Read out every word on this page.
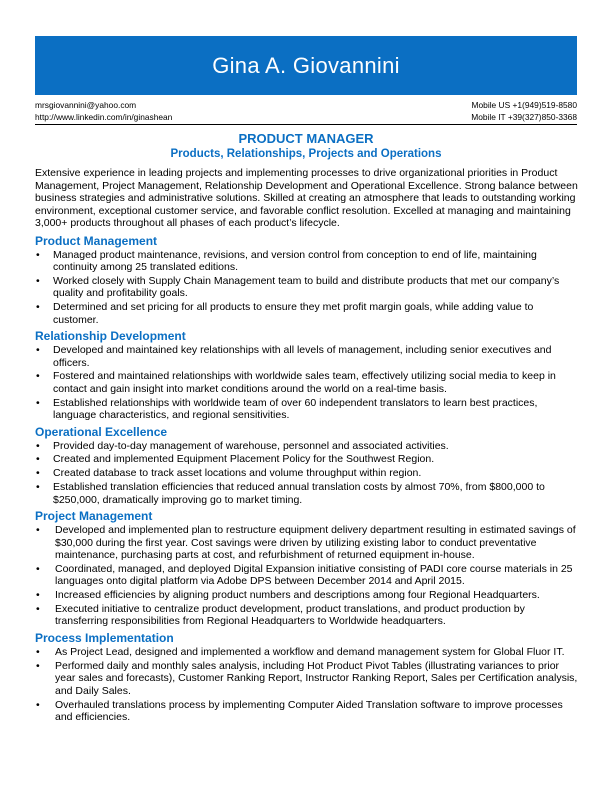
Gina A. Giovannini
mrsgiovannini@yahoo.com
http://www.linkedin.com/in/ginashean
Mobile US +1(949)519-8580
Mobile IT +39(327)850-3368
PRODUCT MANAGER
Products, Relationships, Projects and Operations

Extensive experience in leading projects and implementing processes to drive organizational priorities in Product Management, Project Management, Relationship Development and Operational Excellence. Strong balance between business strategies and administrative solutions. Skilled at creating an atmosphere that leads to outstanding working environment, exceptional customer service, and favorable conflict resolution. Excelled at managing and maintaining 3,000+ products throughout all phases of each product’s lifecycle.

Product Management
• Managed product maintenance, revisions, and version control from conception to end of life, maintaining continuity among 25 translated editions.
• Worked closely with Supply Chain Management team to build and distribute products that met our company’s quality and profitability goals.
• Determined and set pricing for all products to ensure they met profit margin goals, while adding value to customer.
Relationship Development
• Developed and maintained key relationships with all levels of management, including senior executives and officers.
• Fostered and maintained relationships with worldwide sales team, effectively utilizing social media to keep in contact and gain insight into market conditions around the world on a real-time basis.
• Established relationships with worldwide team of over 60 independent translators to learn best practices, language characteristics, and regional sensitivities.
Operational Excellence
• Provided day-to-day management of warehouse, personnel and associated activities.
• Created and implemented Equipment Placement Policy for the Southwest Region.
• Created database to track asset locations and volume throughput within region.
• Established translation efficiencies that reduced annual translation costs by almost 70%, from $800,000 to $250,000, dramatically improving go to market timing.
Project Management
• Developed and implemented plan to restructure equipment delivery department resulting in estimated savings of $30,000 during the first year. Cost savings were driven by utilizing existing labor to conduct preventative maintenance, purchasing parts at cost, and refurbishment of returned equipment in-house.
• Coordinated, managed, and deployed Digital Expansion initiative consisting of PADI core course materials in 25 languages onto digital platform via Adobe DPS between December 2014 and April 2015.
• Increased efficiencies by aligning product numbers and descriptions among four Regional Headquarters.
• Executed initiative to centralize product development, product translations, and product production by transferring responsibilities from Regional Headquarters to Worldwide headquarters.
Process Implementation
• As Project Lead, designed and implemented a workflow and demand management system for Global Fluor IT.
• Performed daily and monthly sales analysis, including Hot Product Pivot Tables (illustrating variances to prior year sales and forecasts), Customer Ranking Report, Instructor Ranking Report, Sales per Certification analysis, and Daily Sales.
• Overhauled translations process by implementing Computer Aided Translation software to improve processes and efficiencies.
